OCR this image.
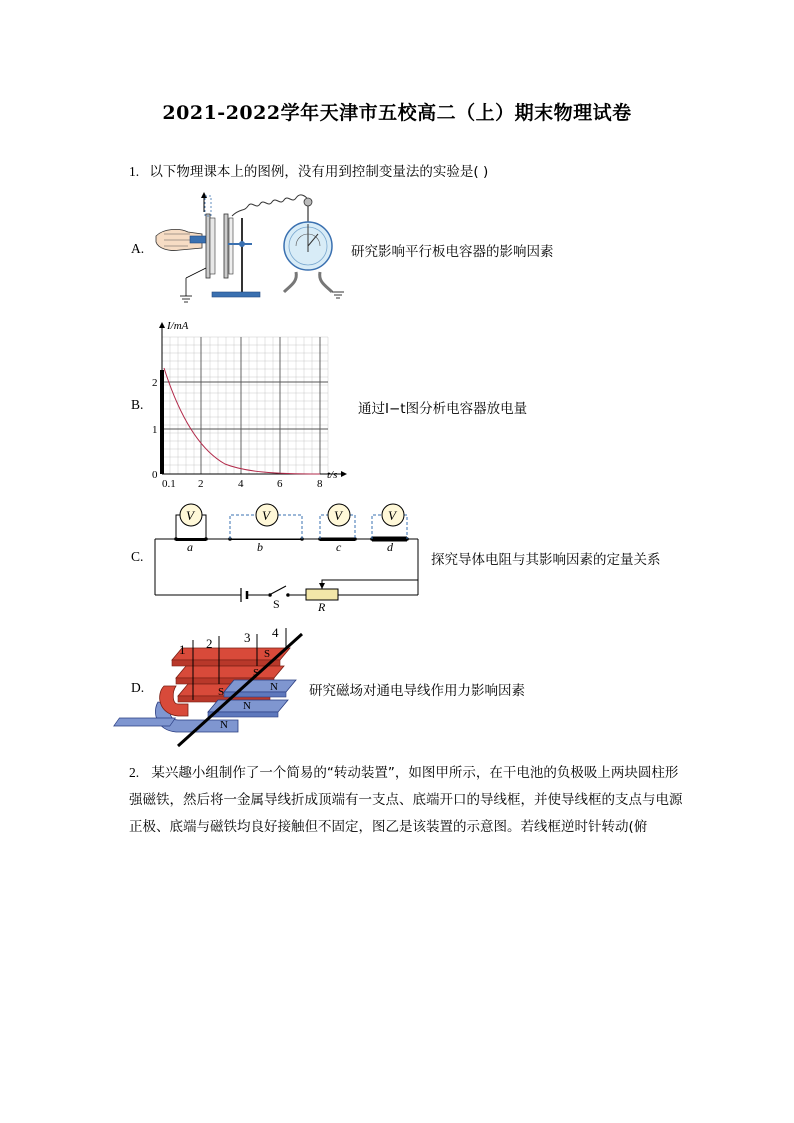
2021-2022学年天津市五校高二（上）期末物理试卷
1. 以下物理课本上的图例，没有用到控制变量法的实验是( )
A.	研究影响平行板电容器的影响因素
B.
I/mA
t/s
2
1
0
0.1 2	4	6	8
通过I−t图分析电容器放电量
C.
V	V	V	V
a	b	c	d
S	R
探究导体电阻与其影响因素的定量关系
D.
1 2 3 4
S
S
N
S
N
N
研究磁场对通电导线作用力影响因素
2. 某兴趣小组制作了一个简易的“转动装置”，如图甲所示，在干电池的负极吸上两块圆柱形强磁铁，然后将一金属导线折成顶端有一支点、底端开口的导线框，并使导线框的支点与电源正极、底端与磁铁均良好接触但不固定，图乙是该装置的示意图。若线框逆时针转动(俯
